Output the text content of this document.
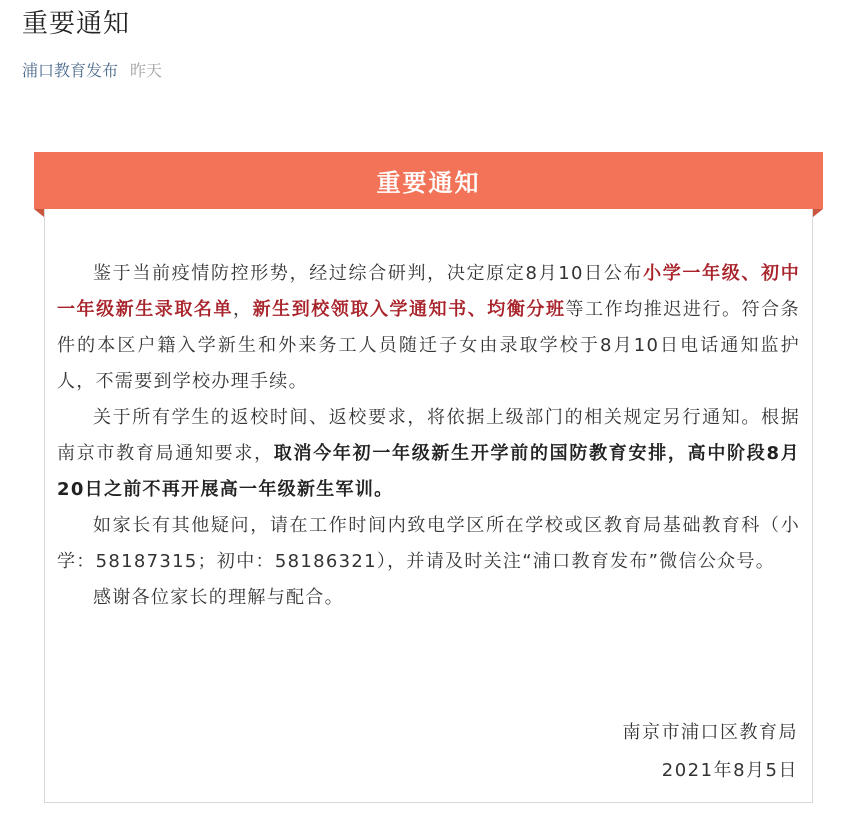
重要通知
浦口教育发布 昨天
重要通知

鉴于当前疫情防控形势，经过综合研判，决定原定8月10日公布小学一年级、初中一年级新生录取名单，新生到校领取入学通知书、均衡分班等工作均推迟进行。符合条件的本区户籍入学新生和外来务工人员随迁子女由录取学校于8月10日电话通知监护人，不需要到学校办理手续。

关于所有学生的返校时间、返校要求，将依据上级部门的相关规定另行通知。根据南京市教育局通知要求，取消今年初一年级新生开学前的国防教育安排，高中阶段8月20日之前不再开展高一年级新生军训。

如家长有其他疑问，请在工作时间内致电学区所在学校或区教育局基础教育科（小学：58187315；初中：58186321），并请及时关注“浦口教育发布”微信公众号。

感谢各位家长的理解与配合。

南京市浦口区教育局
2021年8月5日
